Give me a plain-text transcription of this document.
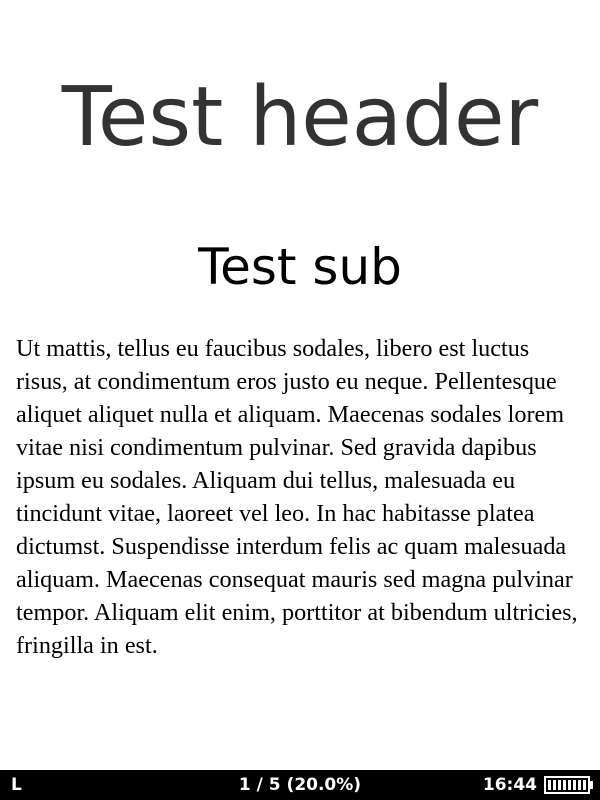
Test header
Test sub
Ut mattis, tellus eu faucibus sodales, libero est luctus risus, at condimentum eros justo eu neque. Pellentesque aliquet aliquet nulla et aliquam. Maecenas sodales lorem vitae nisi condimentum pulvinar. Sed gravida dapibus ipsum eu sodales. Aliquam dui tellus, malesuada eu tincidunt vitae, laoreet vel leo. In hac habitasse platea dictumst. Suspendisse interdum felis ac quam malesuada aliquam. Maecenas consequat mauris sed magna pulvinar tempor. Aliquam elit enim, porttitor at bibendum ultricies, fringilla in est.
L	1 / 5 (20.0%)	16:44
